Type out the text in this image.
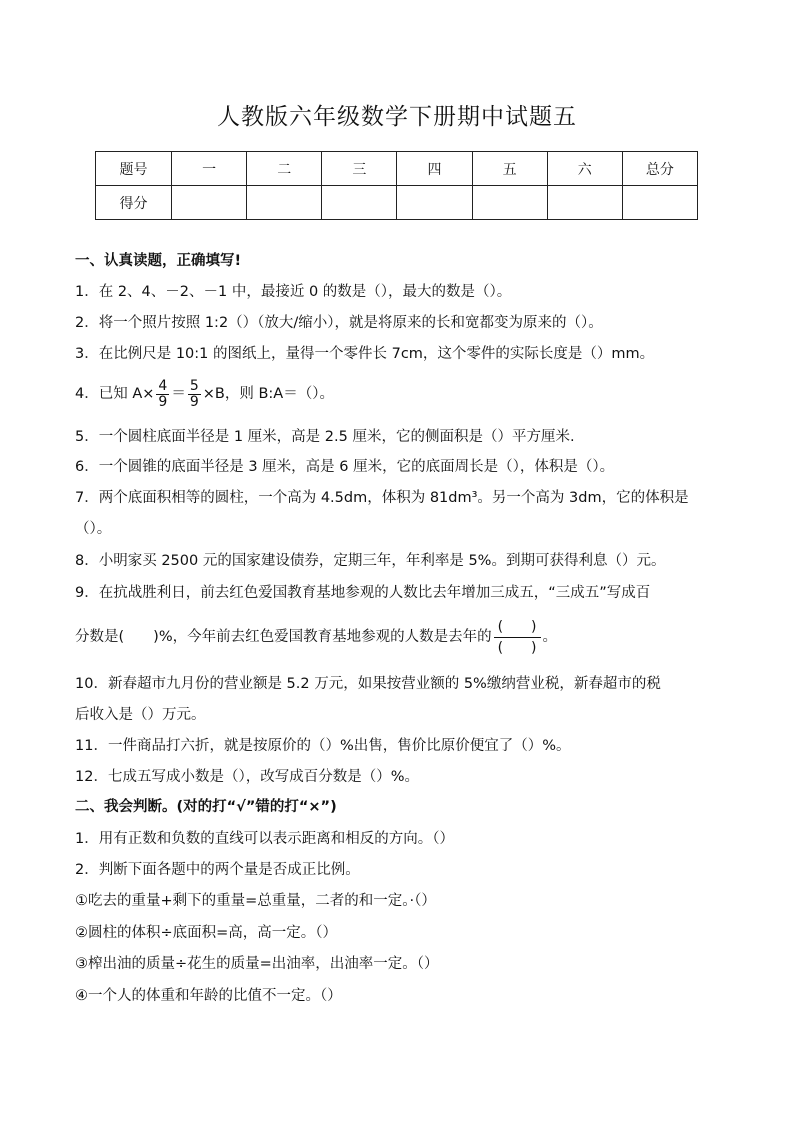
人教版六年级数学下册期中试题五
题号	一	二	三	四	五	六	总分
得分							
一、认真读题，正确填写!
1．在 2、4、－2、－1 中，最接近 0 的数是（），最大的数是（）。
2．将一个照片按照 1:2（）（放大/缩小），就是将原来的长和宽都变为原来的（）。
3．在比例尺是 10:1 的图纸上，量得一个零件长 7cm，这个零件的实际长度是（）mm。
4．已知 $A\times \frac{4}{9} = \frac{5}{9} \times B$，则 B:A＝（）。
5．一个圆柱底面半径是 1 厘米，高是 2.5 厘米，它的侧面积是（）平方厘米.
6．一个圆锥的底面半径是 3 厘米，高是 6 厘米，它的底面周长是（），体积是（）。
7．两个底面积相等的圆柱，一个高为 4.5dm，体积为 81dm³。另一个高为 3dm，它的体积是
（）。
8．小明家买 2500 元的国家建设债券，定期三年，年利率是 5%。到期可获得利息（）元。
9．在抗战胜利日，前去红色爱国教育基地参观的人数比去年增加三成五，“三成五”写成百
分数是(　　)%，今年前去红色爱国教育基地参观的人数是去年的
(　　)
(　　)
。
10．新春超市九月份的营业额是 5.2 万元，如果按营业额的 5%缴纳营业税，新春超市的税
后收入是（）万元。
11．一件商品打六折，就是按原价的（）%出售，售价比原价便宜了（）%。
12．七成五写成小数是（），改写成百分数是（）%。
二、我会判断。(对的打“√”错的打“×”)
1．用有正数和负数的直线可以表示距离和相反的方向。（）
2．判断下面各题中的两个量是否成正比例。
①吃去的重量+剩下的重量=总重量，二者的和一定。·（）
②圆柱的体积÷底面积=高，高一定。（）
③榨出油的质量÷花生的质量=出油率，出油率一定。（）
④一个人的体重和年龄的比值不一定。（）
